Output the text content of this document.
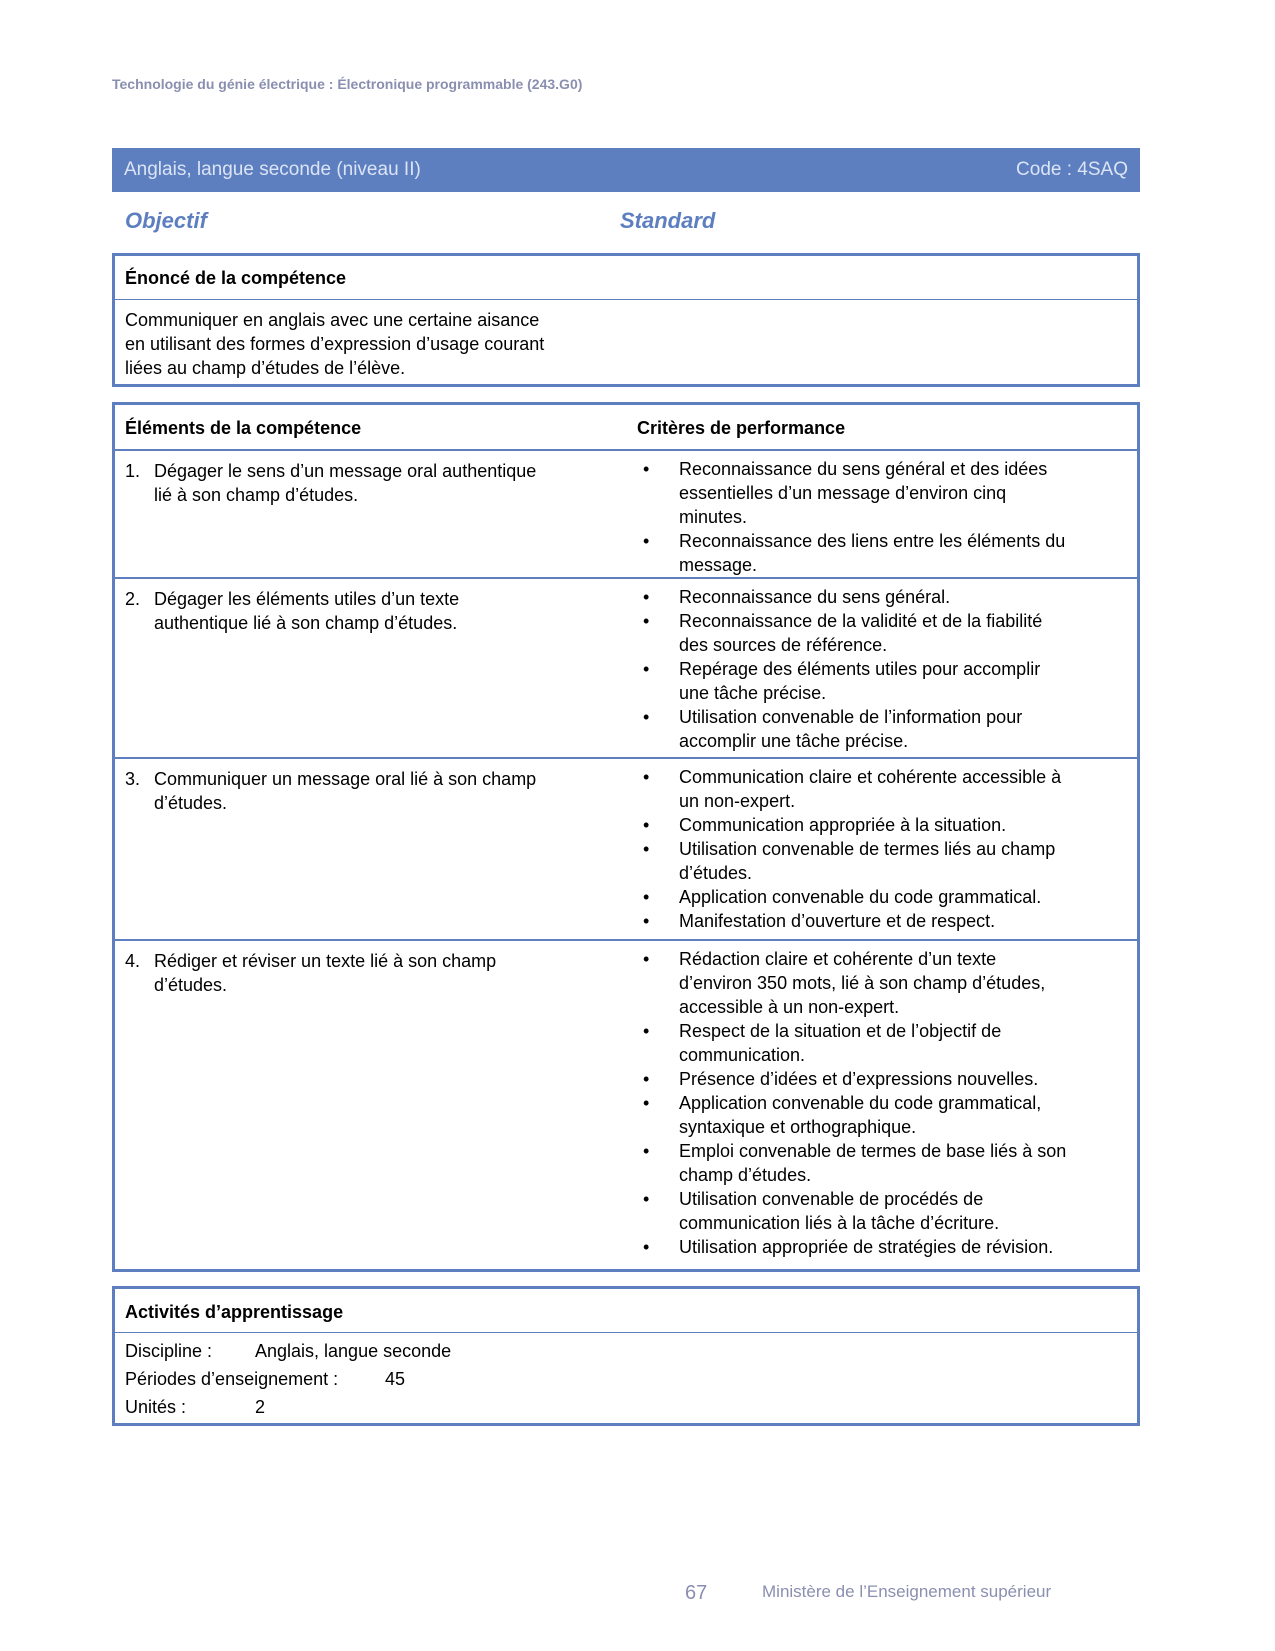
Technologie du génie électrique : Électronique programmable (243.G0)
Anglais, langue seconde (niveau II)	Code : 4SAQ
Objectif	Standard
Énoncé de la compétence
Communiquer en anglais avec une certaine aisance
en utilisant des formes d’expression d’usage courant
liées au champ d’études de l’élève.
Éléments de la compétence	Critères de performance
1. Dégager le sens d’un message oral authentique
lié à son champ d’études.
• Reconnaissance du sens général et des idées
essentielles d’un message d’environ cinq
minutes.
• Reconnaissance des liens entre les éléments du
message.
2. Dégager les éléments utiles d’un texte
authentique lié à son champ d’études.
• Reconnaissance du sens général.
• Reconnaissance de la validité et de la fiabilité
des sources de référence.
• Repérage des éléments utiles pour accomplir
une tâche précise.
• Utilisation convenable de l’information pour
accomplir une tâche précise.
3. Communiquer un message oral lié à son champ
d’études.
• Communication claire et cohérente accessible à
un non-expert.
• Communication appropriée à la situation.
• Utilisation convenable de termes liés au champ
d’études.
• Application convenable du code grammatical.
• Manifestation d’ouverture et de respect.
4. Rédiger et réviser un texte lié à son champ
d’études.
• Rédaction claire et cohérente d’un texte
d’environ 350 mots, lié à son champ d’études,
accessible à un non-expert.
• Respect de la situation et de l’objectif de
communication.
• Présence d’idées et d’expressions nouvelles.
• Application convenable du code grammatical,
syntaxique et orthographique.
• Emploi convenable de termes de base liés à son
champ d’études.
• Utilisation convenable de procédés de
communication liés à la tâche d’écriture.
• Utilisation appropriée de stratégies de révision.
Activités d’apprentissage
Discipline : Anglais, langue seconde
Périodes d’enseignement :	45
Unités :	2
67	Ministère de l’Enseignement supérieur
